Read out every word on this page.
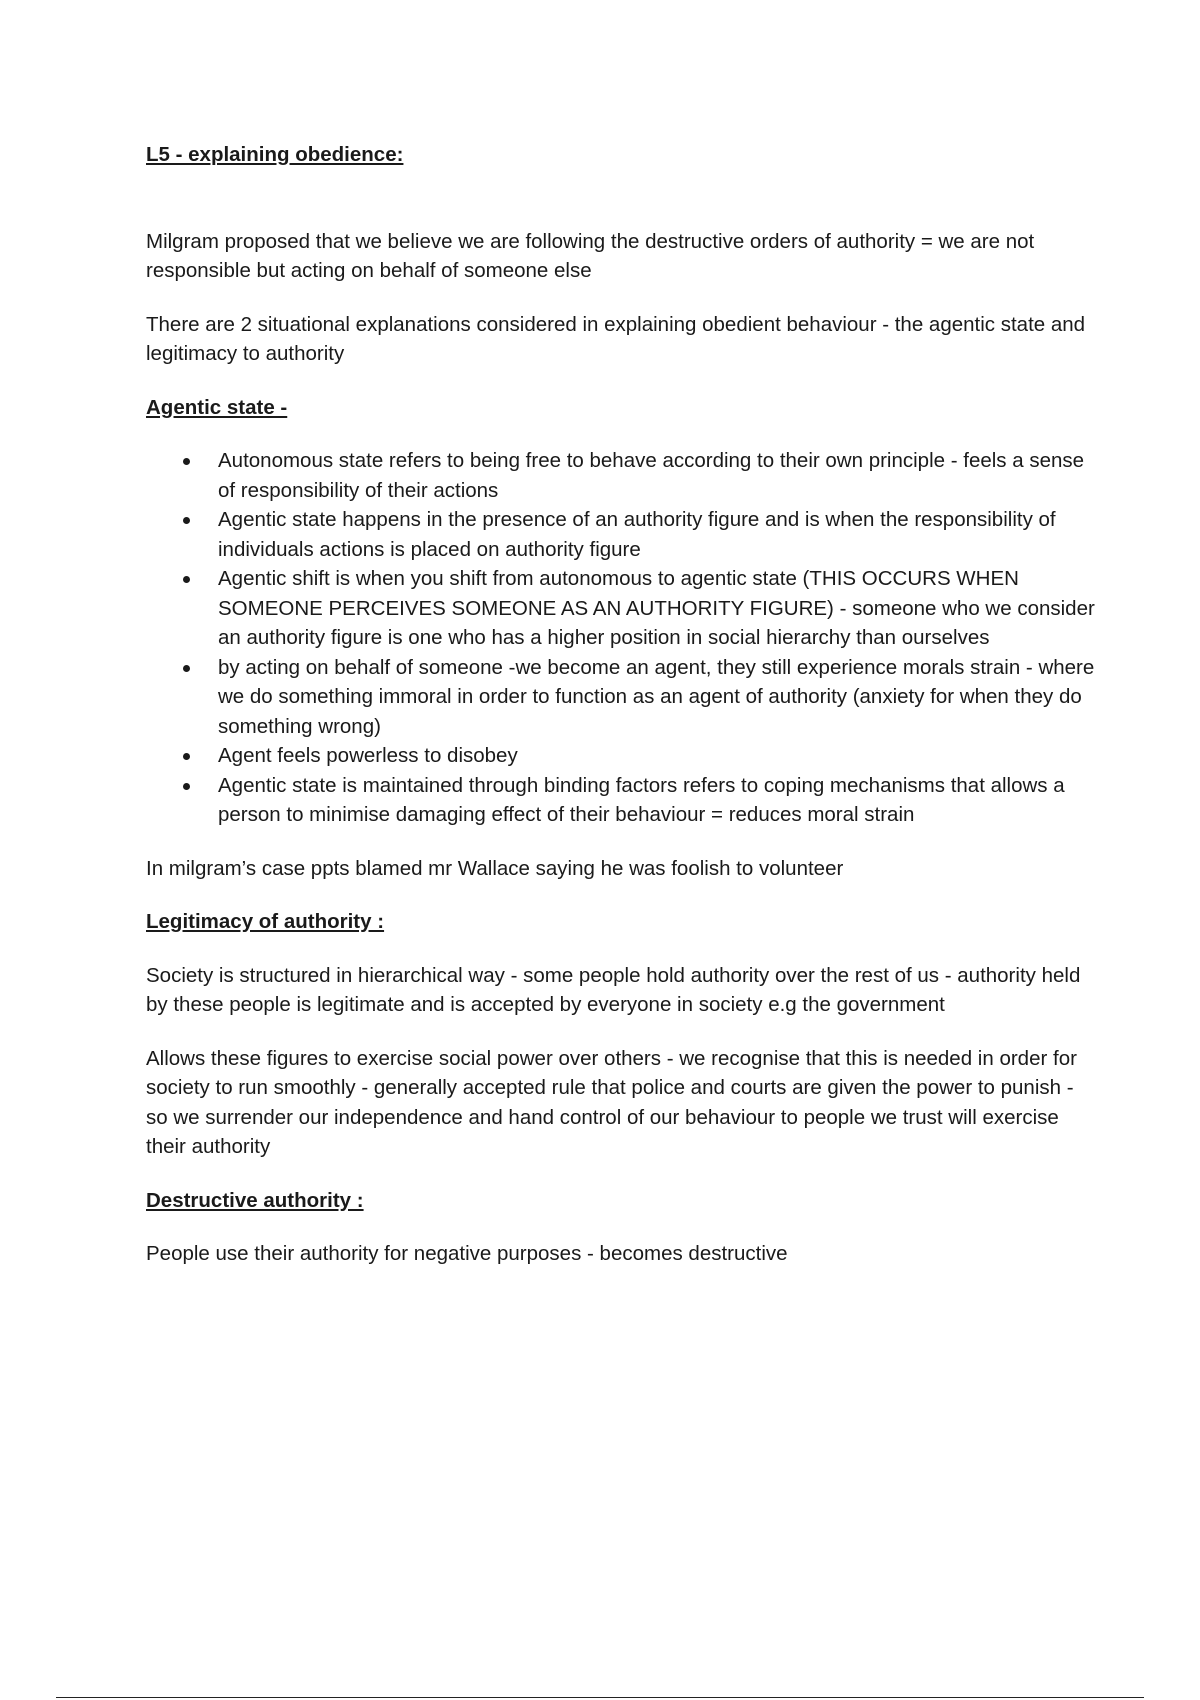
L5 - explaining obedience:

Milgram proposed that we believe we are following the destructive orders of authority = we are not responsible but acting on behalf of someone else

There are 2 situational explanations considered in explaining obedient behaviour - the agentic state and legitimacy to authority

Agentic state -

Autonomous state refers to being free to behave according to their own principle - feels a sense of responsibility of their actions
Agentic state happens in the presence of an authority figure and is when the responsibility of individuals actions is placed on authority figure
Agentic shift is when you shift from autonomous to agentic state (THIS OCCURS WHEN SOMEONE PERCEIVES SOMEONE AS AN AUTHORITY FIGURE) - someone who we consider an authority figure is one who has a higher position in social hierarchy than ourselves
by acting on behalf of someone -we become an agent, they still experience morals strain - where we do something immoral in order to function as an agent of authority (anxiety for when they do something wrong)
Agent feels powerless to disobey
Agentic state is maintained through binding factors refers to coping mechanisms that allows a person to minimise damaging effect of their behaviour = reduces moral strain

In milgram’s case ppts blamed mr Wallace saying he was foolish to volunteer

Legitimacy of authority :

Society is structured in hierarchical way - some people hold authority over the rest of us - authority held by these people is legitimate and is accepted by everyone in society e.g the government

Allows these figures to exercise social power over others - we recognise that this is needed in order for society to run smoothly - generally accepted rule that police and courts are given the power to punish - so we surrender our independence and hand control of our behaviour to people we trust will exercise their authority

Destructive authority :

People use their authority for negative purposes - becomes destructive
